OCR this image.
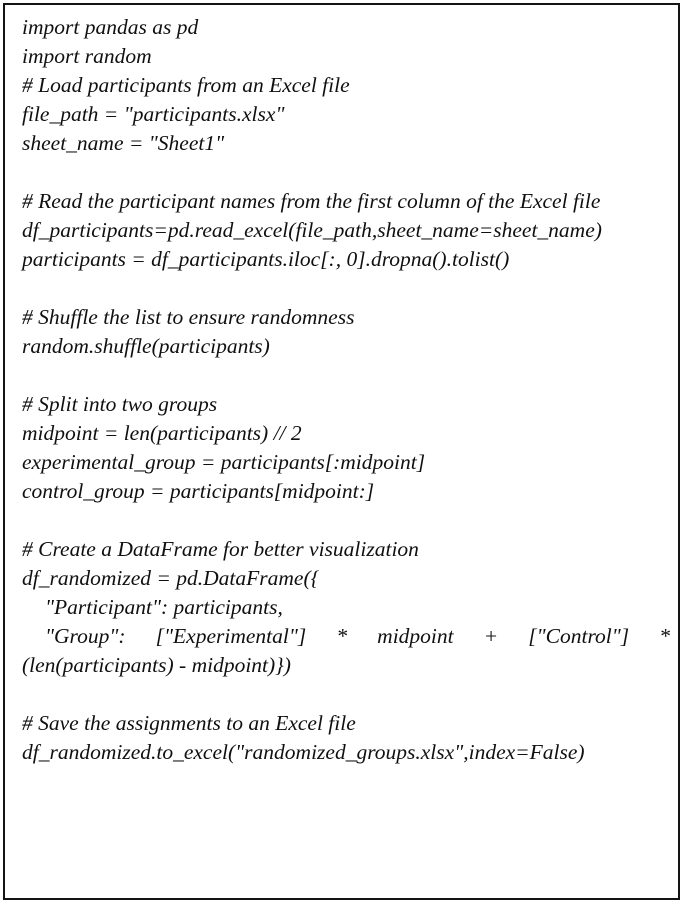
import pandas as pd
import random
# Load participants from an Excel file
file_path = "participants.xlsx"
sheet_name = "Sheet1"
# Read the participant names from the first column of the Excel file
df_participants=pd.read_excel(file_path,sheet_name=sheet_name)
participants = df_participants.iloc[:, 0].dropna().tolist()
# Shuffle the list to ensure randomness
random.shuffle(participants)
# Split into two groups
midpoint = len(participants) // 2
experimental_group = participants[:midpoint]
control_group = participants[midpoint:]
# Create a DataFrame for better visualization
df_randomized = pd.DataFrame({
"Participant": participants,
"Group": ["Experimental"] * midpoint + ["Control"] *
(len(participants) - midpoint)})
# Save the assignments to an Excel file
df_randomized.to_excel("randomized_groups.xlsx",index=False)
